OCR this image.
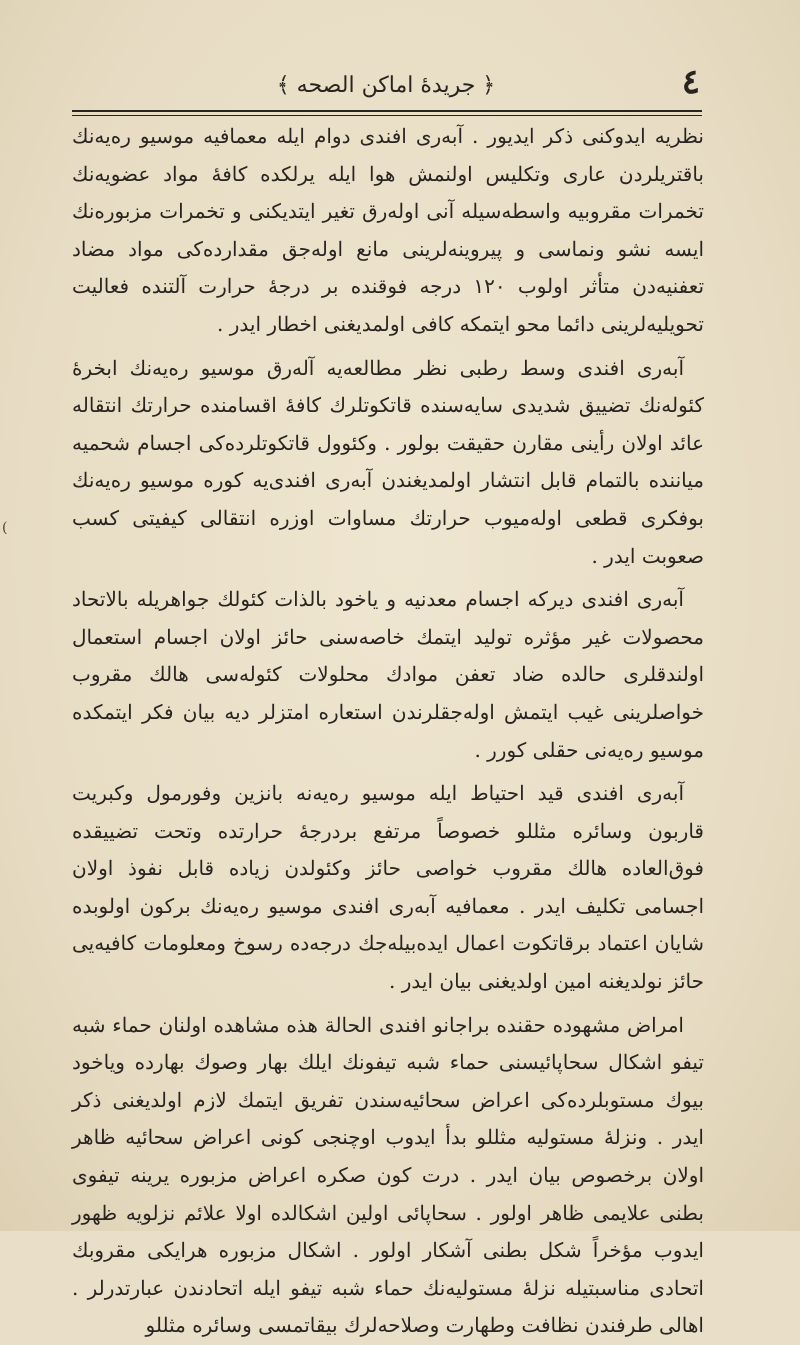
٤
﴿ جریدهٔ اماکن الصحه ﴾
(

نظریه ایدوکنی ذکر ایدیور . آبه‌ری افندی دوام ایله معمافیه موسیو ره‌یه‌نك باقتریلردن عاری وتکلیس اولنمش هوا ایله یرلکده کافهٔ مواد عضویه‌نك تخمرات مقروبیه واسطه‌سیله آنی اوله‌رق تغیر ایتدیکنی و تخمرات مزبوره‌نك ایسه نشو ونماسی و پیروینه‌لرینی مانع اوله‌جق مقدارده‌کی مواد مضاد تعفنیه‌دن متأثر اولوب ۱۲۰ درجه فوقنده بر درجهٔ حرارت آلتنده فعالیت تحویلیه‌لرینی دائما محو ایتمکه کافی اولمدیغنی اخطار ایدر .

آبه‌ری افندی وسط رطبی نظر مطالعه‌یه آله‌رق موسیو ره‌یه‌نك ابخرهٔ کئوله‌نك تضییق شدیدی سایه‌سنده قاتکوتلرك کافهٔ اقسامنده حرارتك انتقاله عائد اولان رأینی مقارن حقیقت بولور . وکئوول قاتکوتلرده‌کی اجسام شحمیه میاننده بالتمام قابل انتشار اولمدیغندن آبه‌ری افندی‌یه کوره موسیو ره‌یه‌نك بوفکری قطعی اوله‌میوب حرارتك مساوات اوزره انتقالی کیفیتی کسب صعوبت ایدر .

آبه‌ری افندی دیرکه اجسام معدنیه و یاخود بالذات کئولك جواهریله بالاتحاد محصولات غیر مؤثره تولید ایتمك خاصه‌سنی حائز اولان اجسام استعمال اولندقلری حالده ضاد تعفن موادك محلولات کئوله‌سی هالك مقروب خواصلرینی غیب ایتمش اوله‌جقلرندن استعاره امتزلر دیه بیان فکر ایتمکده موسیو ره‌یه‌نی حقلی کورر .

آبه‌ری افندی قید احتیاط ایله موسیو ره‌یه‌نه بانزین وفورمول وکبریت قاربون وسائره مثللو خصوصاً مرتفع بردرجهٔ حرارتده وتحت تضییقده فوق‌العاده هالك مقروب خواصی حائز وکئولدن زیاده قابل نفوذ اولان اجسامی تکلیف ایدر . معمافیه آبه‌ری افندی موسیو ره‌یه‌نك برکون اولوبده شایان اعتماد برقاتکوت اعمال ایده‌بیله‌جك درجه‌ده رسوخ ومعلومات کافیه‌یی حائز نولدیغنه امین اولدیغنی بیان ایدر .

امراض مشهوده حقنده براجانو افندی الحالة هذه مشاهده اولنان حماء شبه تیفو اشکال سحاپائیسنی حماء شبه تیفونك ایلك بهار وصوك بهارده ویاخود بیوك مستوبلرده‌کی اعراض سحائیه‌سندن تفریق ایتمك لازم اولدیغنی ذکر ایدر . ونزلهٔ مستوليه مثللو بدأ ایدوب اوچنجی کونی اعراض سحائیه ظاهر اولان برخصوص بیان ایدر . درت کون صکره اعراض مزبوره یرینه تیفوی بطنی علایمی ظاهر اولور . سحاپائی اولین اشکالده اولا علائم نزلویه ظهور ایدوب مؤخراً شکل بطنی آشکار اولور . اشکال مزبوره هرایکی مقروبك اتحادی مناسبتیله نزلهٔ مستولیه‌نك حماء شبه تیفو ایله اتحادندن عبارتدرلر . اهالی طرفندن نظافت وطهارت وصلاحه‌لرك بیقاتمسی وسائره مثللو
